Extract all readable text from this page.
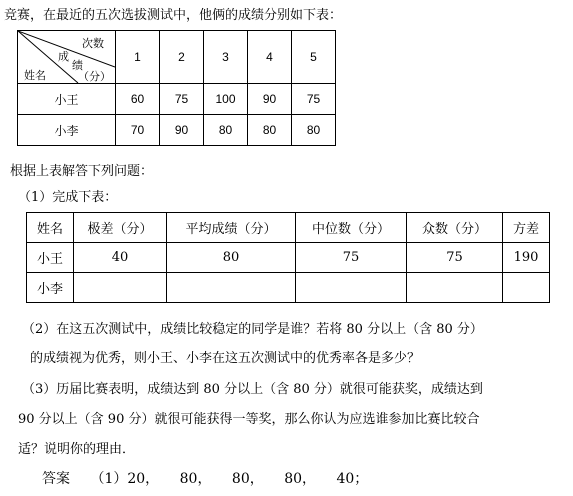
竞赛，在最近的五次选拔测试中，他俩的成绩分别如下表：
次数
成
绩
（分）
姓名	1	2	3	4	5
小王	60	75	100	90	75
小李	70	90	80	80	80
根据上表解答下列问题：
（1）完成下表：
姓名	极差（分）	平均成绩（分）	中位数（分）	众数（分）	方差
小王	40	80	75	75	190
小李					
（2）在这五次测试中，成绩比较稳定的同学是谁？若将 80 分以上（含 80 分）
的成绩视为优秀，则小王、小李在这五次测试中的优秀率各是多少？
（3）历届比赛表明，成绩达到 80 分以上（含 80 分）就很可能获奖，成绩达到
90 分以上（含 90 分）就很可能获得一等奖，那么你认为应选谁参加比赛比较合
适？说明你的理由．
答案 （1）20， 80， 80， 80， 40；
